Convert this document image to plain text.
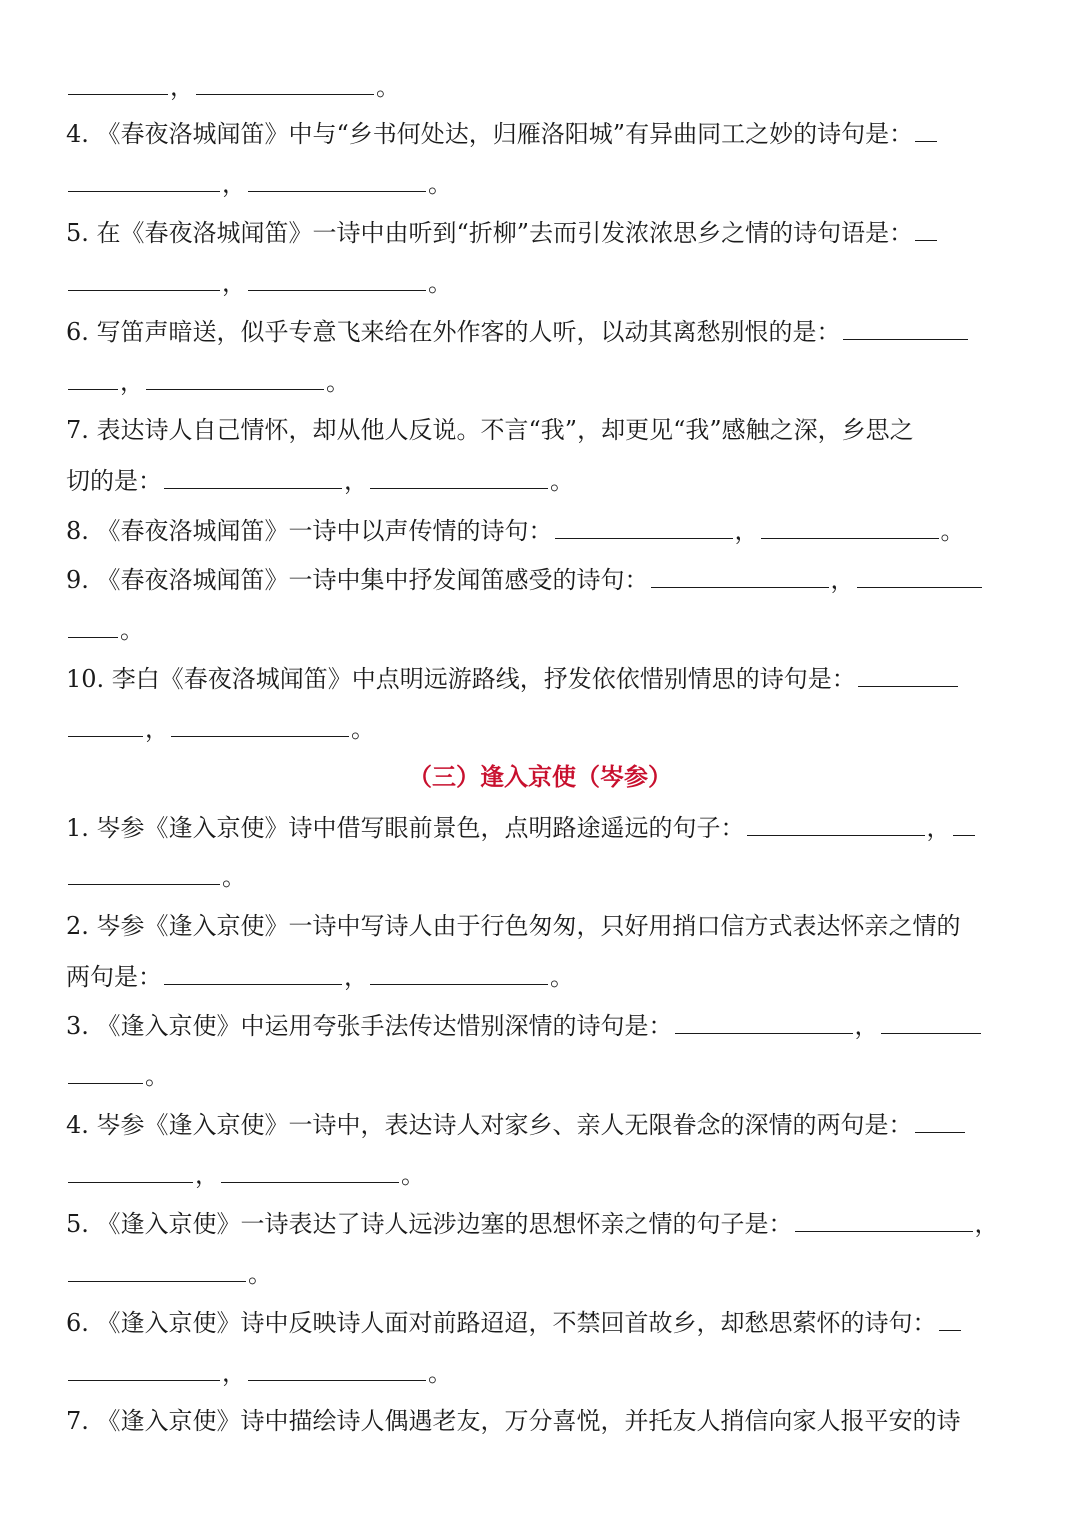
，	。
4. 《春夜洛城闻笛》中与“乡书何处达，归雁洛阳城”有异曲同工之妙的诗句是：
，	。
5. 在《春夜洛城闻笛》一诗中由听到“折柳”去而引发浓浓思乡之情的诗句语是：
，	。
6. 写笛声暗送，似乎专意飞来给在外作客的人听，以动其离愁别恨的是：
，	。
7. 表达诗人自己情怀，却从他人反说。不言“我”，却更见“我”感触之深，乡思之
切的是：	，	。
8. 《春夜洛城闻笛》一诗中以声传情的诗句：	，	。
9. 《春夜洛城闻笛》一诗中集中抒发闻笛感受的诗句：	，
。
10. 李白《春夜洛城闻笛》中点明远游路线，抒发依依惜别情思的诗句是：
，	。
（三）逢入京使（岑参）
1. 岑参《逢入京使》诗中借写眼前景色，点明路途遥远的句子：	，
。
2. 岑参《逢入京使》一诗中写诗人由于行色匆匆，只好用捎口信方式表达怀亲之情的
两句是：	，	。
3. 《逢入京使》中运用夸张手法传达惜别深情的诗句是：	，
。
4. 岑参《逢入京使》一诗中，表达诗人对家乡、亲人无限眷念的深情的两句是：
，	。
5. 《逢入京使》一诗表达了诗人远涉边塞的思想怀亲之情的句子是：	，
。
6. 《逢入京使》诗中反映诗人面对前路迢迢，不禁回首故乡，却愁思萦怀的诗句：
，	。
7. 《逢入京使》诗中描绘诗人偶遇老友，万分喜悦，并托友人捎信向家人报平安的诗
